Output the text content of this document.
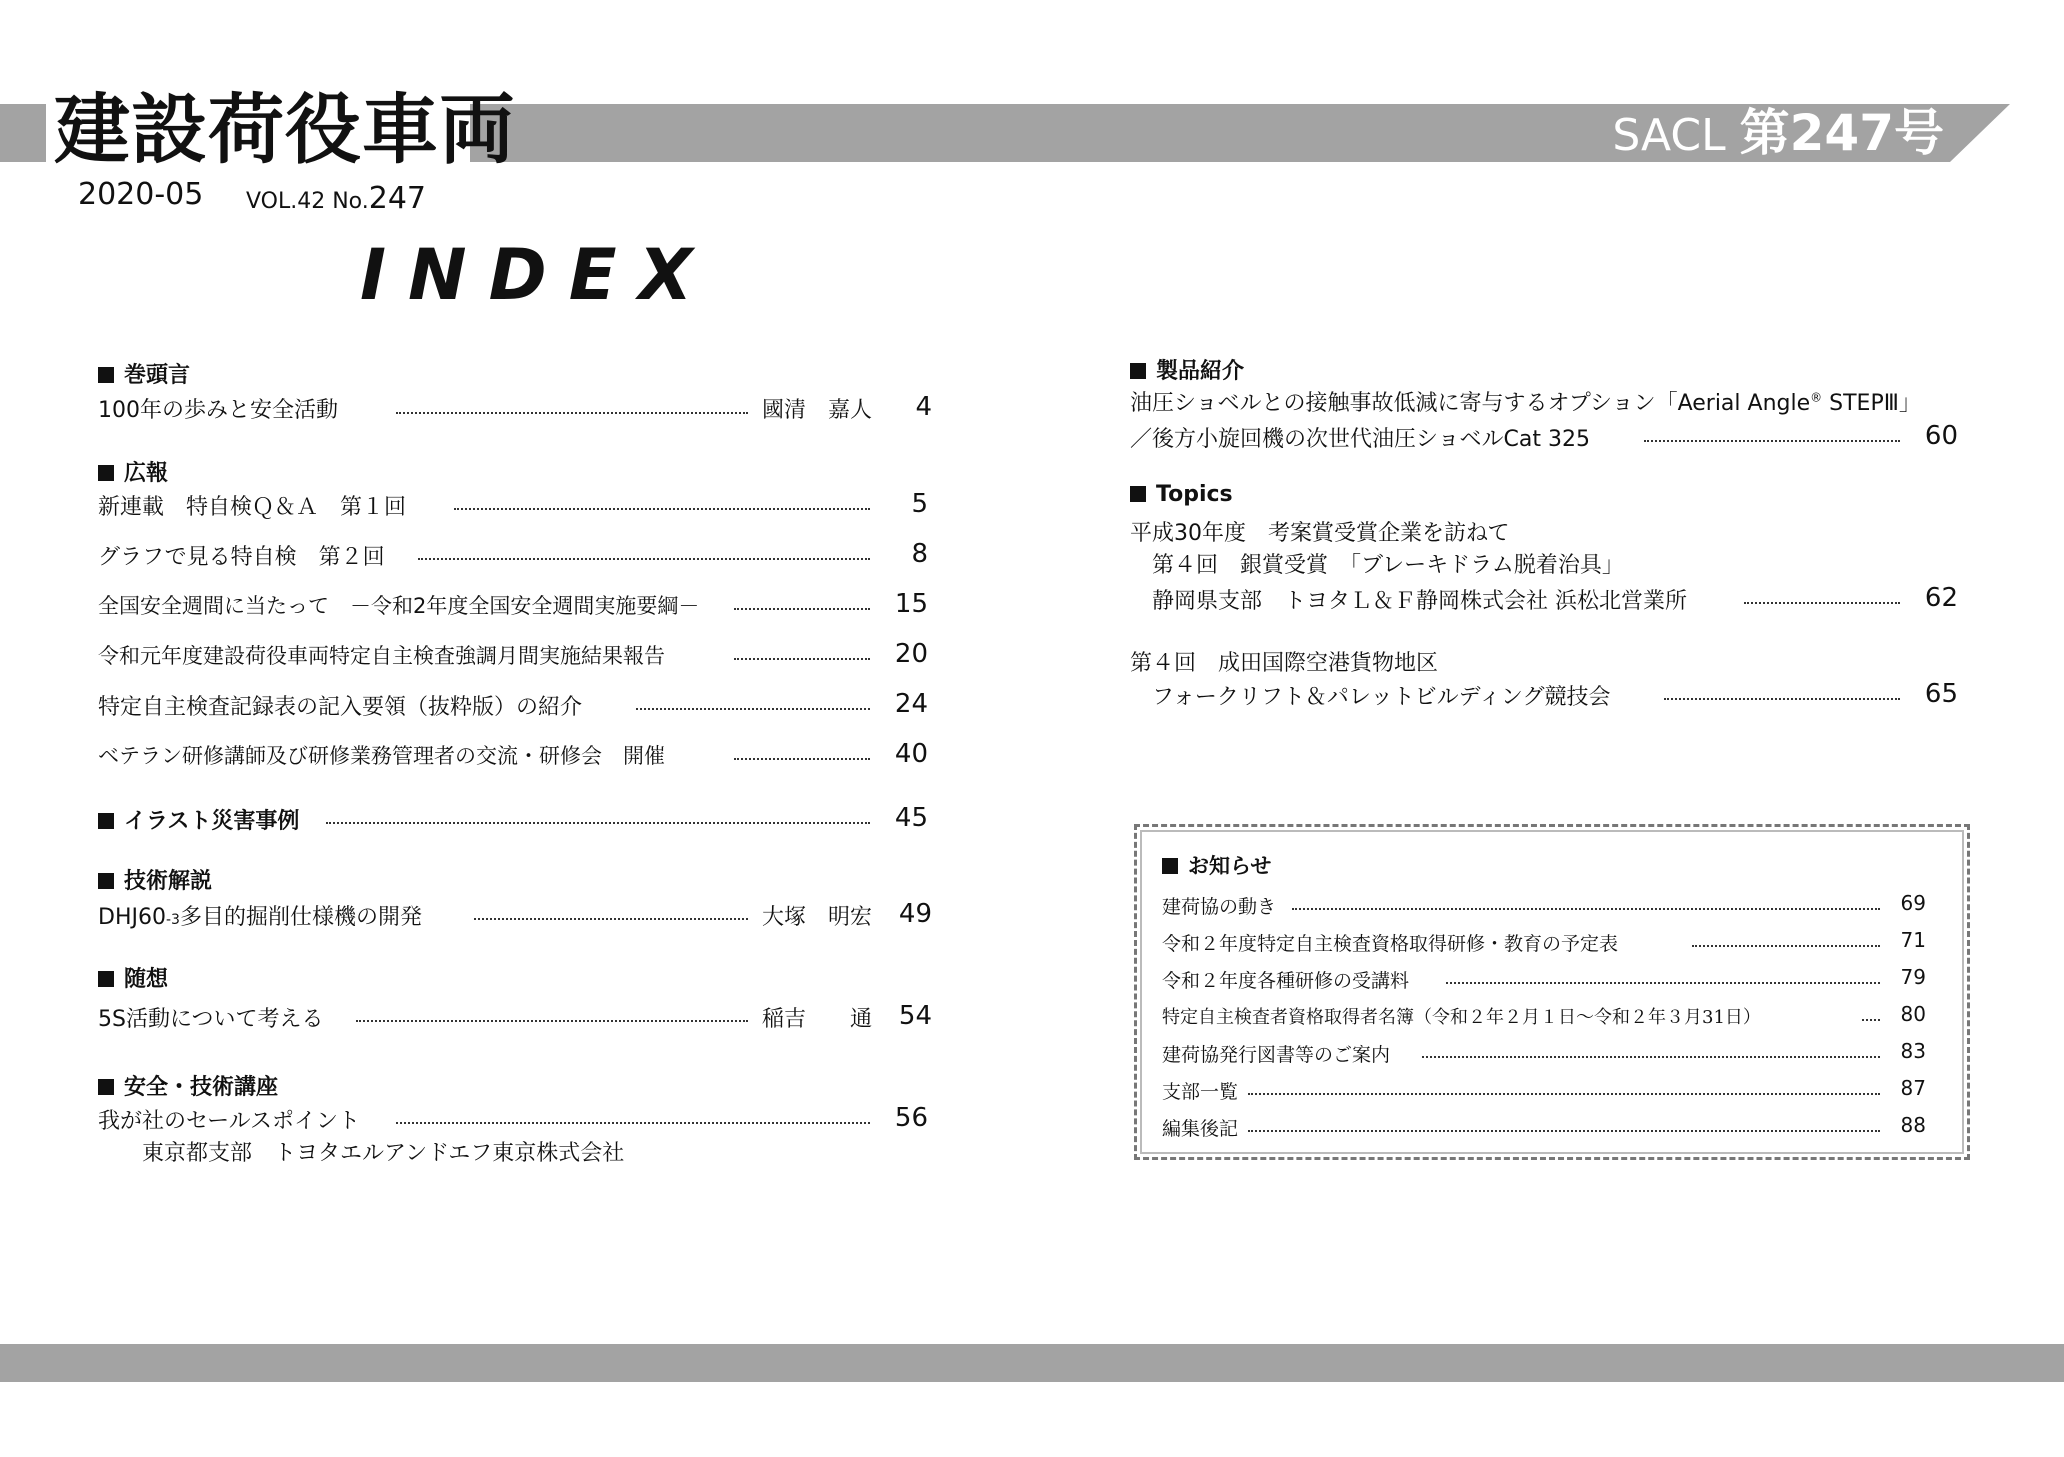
建設荷役車両	SACL 第247号
2020-05 VOL.42 No.247
INDEX
巻頭言
100年の歩みと安全活動	國清　嘉人	4
広報
新連載　特自検Ｑ＆Ａ　第１回	5
グラフで見る特自検　第２回	8
全国安全週間に当たって　－令和2年度全国安全週間実施要綱－	15
令和元年度建設荷役車両特定自主検査強調月間実施結果報告	20
特定自主検査記録表の記入要領（抜粋版）の紹介	24
ベテラン研修講師及び研修業務管理者の交流・研修会　開催	40
イラスト災害事例	45
技術解説
DHJ60-3多目的掘削仕様機の開発	大塚　明宏	49
随想
5S活動について考える	稲吉　　通	54
安全・技術講座
我が社のセールスポイント	56
東京都支部　トヨタエルアンドエフ東京株式会社
製品紹介
油圧ショベルとの接触事故低減に寄与するオプション「Aerial Angle® STEPⅢ」
／後方小旋回機の次世代油圧ショベルCat 325	60
Topics
平成30年度　考案賞受賞企業を訪ねて
第４回　銀賞受賞　「ブレーキドラム脱着治具」
静岡県支部　トヨタＬ＆Ｆ静岡株式会社 浜松北営業所	62
第４回　成田国際空港貨物地区
フォークリフト＆パレットビルディング競技会	65
お知らせ
建荷協の動き	69
令和２年度特定自主検査資格取得研修・教育の予定表	71
令和２年度各種研修の受講料	79
特定自主検査者資格取得者名簿（令和２年２月１日～令和２年３月31日）	80
建荷協発行図書等のご案内	83
支部一覧	87
編集後記	88
